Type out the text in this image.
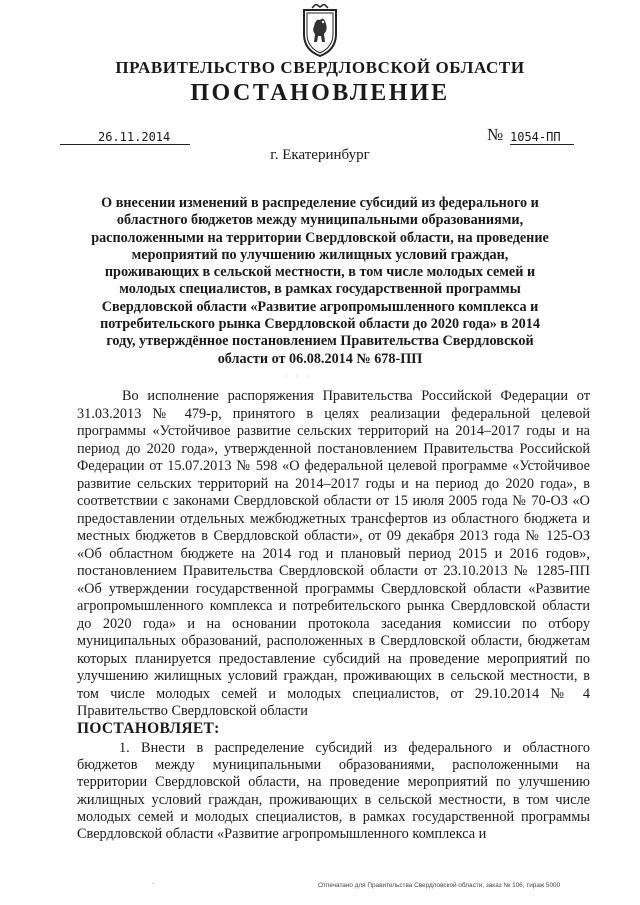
ПРАВИТЕЛЬСТВО СВЕРДЛОВСКОЙ ОБЛАСТИ
ПОСТАНОВЛЕНИЕ
26.11.2014	№ 1054-ПП
г. Екатеринбург

О внесении изменений в распределение субсидий из федерального и областного бюджетов между муниципальными образованиями, расположенными на территории Свердловской области, на проведение мероприятий по улучшению жилищных условий граждан, проживающих в сельской местности, в том числе молодых семей и молодых специалистов, в рамках государственной программы Свердловской области «Развитие агропромышленного комплекса и потребительского рынка Свердловской области до 2020 года» в 2014 году, утверждённое постановлением Правительства Свердловской области от 06.08.2014 № 678-ПП

· · ·

Во исполнение распоряжения Правительства Российской Федерации от 31.03.2013 № 479-р, принятого в целях реализации федеральной целевой программы «Устойчивое развитие сельских территорий на 2014–2017 годы и на период до 2020 года», утвержденной постановлением Правительства Российской Федерации от 15.07.2013 № 598 «О федеральной целевой программе «Устойчивое развитие сельских территорий на 2014–2017 годы и на период до 2020 года», в соответствии с законами Свердловской области от 15 июля 2005 года № 70-ОЗ «О предоставлении отдельных межбюджетных трансфертов из областного бюджета и местных бюджетов в Свердловской области», от 09 декабря 2013 года № 125-ОЗ «Об областном бюджете на 2014 год и плановый период 2015 и 2016 годов», постановлением Правительства Свердловской области от 23.10.2013 № 1285-ПП «Об утверждении государственной программы Свердловской области «Развитие агропромышленного комплекса и потребительского рынка Свердловской области до 2020 года» и на основании протокола заседания комиссии по отбору муниципальных образований, расположенных в Свердловской области, бюджетам которых планируется предоставление субсидий на проведение мероприятий по улучшению жилищных условий граждан, проживающих в сельской местности, в том числе молодых семей и молодых специалистов, от 29.10.2014 № 4 Правительство Свердловской области

ПОСТАНОВЛЯЕТ:

1. Внести в распределение субсидий из федерального и областного бюджетов между муниципальными образованиями, расположенными на территории Свердловской области, на проведение мероприятий по улучшению жилищных условий граждан, проживающих в сельской местности, в том числе молодых семей и молодых специалистов, в рамках государственной программы Свердловской области «Развитие агропромышленного комплекса и

·	Отпечатано для Правительства Свердловской области, заказ № 106, тираж 5000
